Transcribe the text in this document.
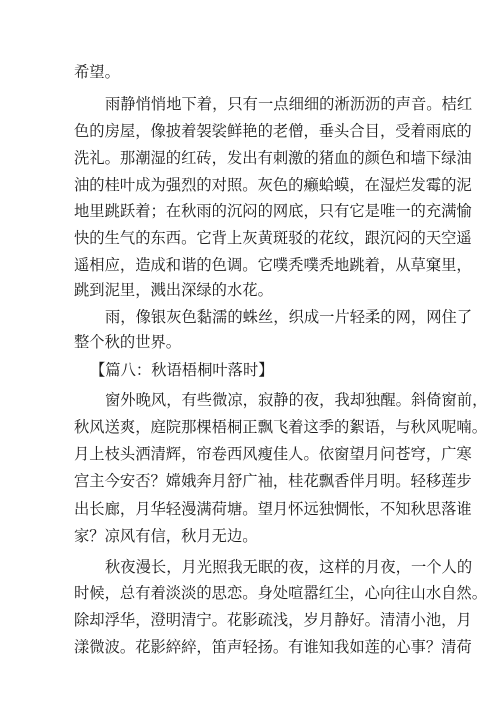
希望。
雨静悄悄地下着，只有一点细细的淅沥沥的声音。桔红
色的房屋，像披着袈裟鲜艳的老僧，垂头合目，受着雨底的
洗礼。那潮湿的红砖，发出有刺激的猪血的颜色和墙下绿油
油的桂叶成为强烈的对照。灰色的癞蛤蟆，在湿烂发霉的泥
地里跳跃着；在秋雨的沉闷的网底，只有它是唯一的充满愉
快的生气的东西。它背上灰黄斑驳的花纹，跟沉闷的天空遥
遥相应，造成和谐的色调。它噗秃噗秃地跳着，从草窠里，
跳到泥里，溅出深绿的水花。
雨，像银灰色黏濡的蛛丝，织成一片轻柔的网，网住了
整个秋的世界。
【篇八：秋语梧桐叶落时】
窗外晚风，有些微凉，寂静的夜，我却独醒。斜倚窗前，
秋风送爽，庭院那棵梧桐正飘飞着这季的絮语，与秋风呢喃。
月上枝头洒清辉，帘卷西风瘦佳人。依窗望月问苍穹，广寒
宫主今安否？嫦娥奔月舒广袖，桂花飘香伴月明。轻移莲步
出长廊，月华轻漫满荷塘。望月怀远独惆怅，不知秋思落谁
家？凉风有信，秋月无边。
秋夜漫长，月光照我无眠的夜，这样的月夜，一个人的
时候，总有着淡淡的思恋。身处喧嚣红尘，心向往山水自然。
除却浮华，澄明清宁。花影疏浅，岁月静好。清清小池，月
漾微波。花影綷綷，笛声轻扬。有谁知我如莲的心事？清荷
